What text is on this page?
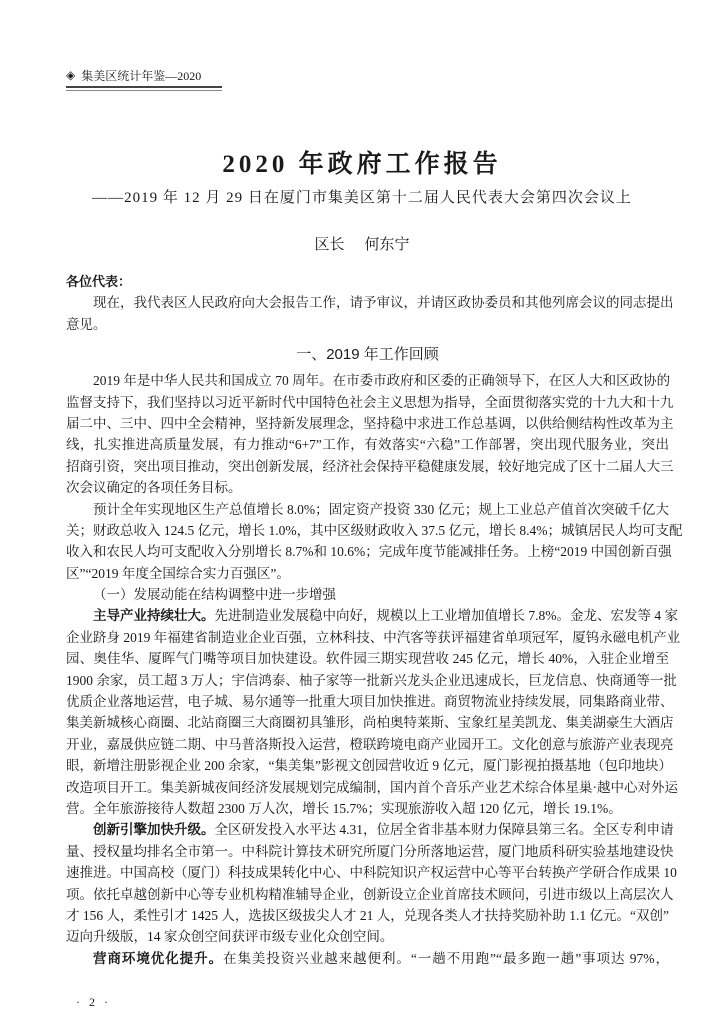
◈ 集美区统计年鉴—2020
2020 年政府工作报告
——2019 年 12 月 29 日在厦门市集美区第十二届人民代表大会第四次会议上
区长 何东宁
各位代表：
现在，我代表区人民政府向大会报告工作，请予审议，并请区政协委员和其他列席会议的同志提出
意见。
一、2019 年工作回顾
2019 年是中华人民共和国成立 70 周年。在市委市政府和区委的正确领导下，在区人大和区政协的
监督支持下，我们坚持以习近平新时代中国特色社会主义思想为指导，全面贯彻落实党的十九大和十九
届二中、三中、四中全会精神，坚持新发展理念，坚持稳中求进工作总基调，以供给侧结构性改革为主
线，扎实推进高质量发展，有力推动“6+7”工作，有效落实“六稳”工作部署，突出现代服务业，突出
招商引资，突出项目推动，突出创新发展，经济社会保持平稳健康发展，较好地完成了区十二届人大三
次会议确定的各项任务目标。
预计全年实现地区生产总值增长 8.0%；固定资产投资 330 亿元；规上工业总产值首次突破千亿大
关；财政总收入 124.5 亿元，增长 1.0%，其中区级财政收入 37.5 亿元，增长 8.4%；城镇居民人均可支配
收入和农民人均可支配收入分别增长 8.7%和 10.6%；完成年度节能减排任务。上榜“2019 中国创新百强
区”“2019 年度全国综合实力百强区”。
（一）发展动能在结构调整中进一步增强
主导产业持续壮大。先进制造业发展稳中向好，规模以上工业增加值增长 7.8%。金龙、宏发等 4 家
企业跻身 2019 年福建省制造业企业百强，立林科技、中汽客等获评福建省单项冠军，厦钨永磁电机产业
园、奥佳华、厦晖气门嘴等项目加快建设。软件园三期实现营收 245 亿元，增长 40%，入驻企业增至
1900 余家，员工超 3 万人；宇信鸿泰、柚子家等一批新兴龙头企业迅速成长，巨龙信息、快商通等一批
优质企业落地运营，电子城、易尔通等一批重大项目加快推进。商贸物流业持续发展，同集路商业带、
集美新城核心商圈、北站商圈三大商圈初具雏形，尚柏奥特莱斯、宝象红星美凯龙、集美湖豪生大酒店
开业，嘉晟供应链二期、中马普洛斯投入运营，橙联跨境电商产业园开工。文化创意与旅游产业表现亮
眼，新增注册影视企业 200 余家，“集美集”影视文创园营收近 9 亿元，厦门影视拍摄基地（包印地块）
改造项目开工。集美新城夜间经济发展规划完成编制，国内首个音乐产业艺术综合体星巢·越中心对外运
营。全年旅游接待人数超 2300 万人次，增长 15.7%；实现旅游收入超 120 亿元，增长 19.1%。
创新引擎加快升级。全区研发投入水平达 4.31，位居全省非基本财力保障县第三名。全区专利申请
量、授权量均排名全市第一。中科院计算技术研究所厦门分所落地运营，厦门地质科研实验基地建设快
速推进。中国高校（厦门）科技成果转化中心、中科院知识产权运营中心等平台转换产学研合作成果 10
项。依托卓越创新中心等专业机构精准辅导企业，创新设立企业首席技术顾问，引进市级以上高层次人
才 156 人，柔性引才 1425 人，选拔区级拔尖人才 21 人，兑现各类人才扶持奖励补助 1.1 亿元。“双创”
迈向升级版，14 家众创空间获评市级专业化众创空间。
营商环境优化提升。在集美投资兴业越来越便利。“一趟不用跑”“最多跑一趟”事项达 97%，
· 2 ·
